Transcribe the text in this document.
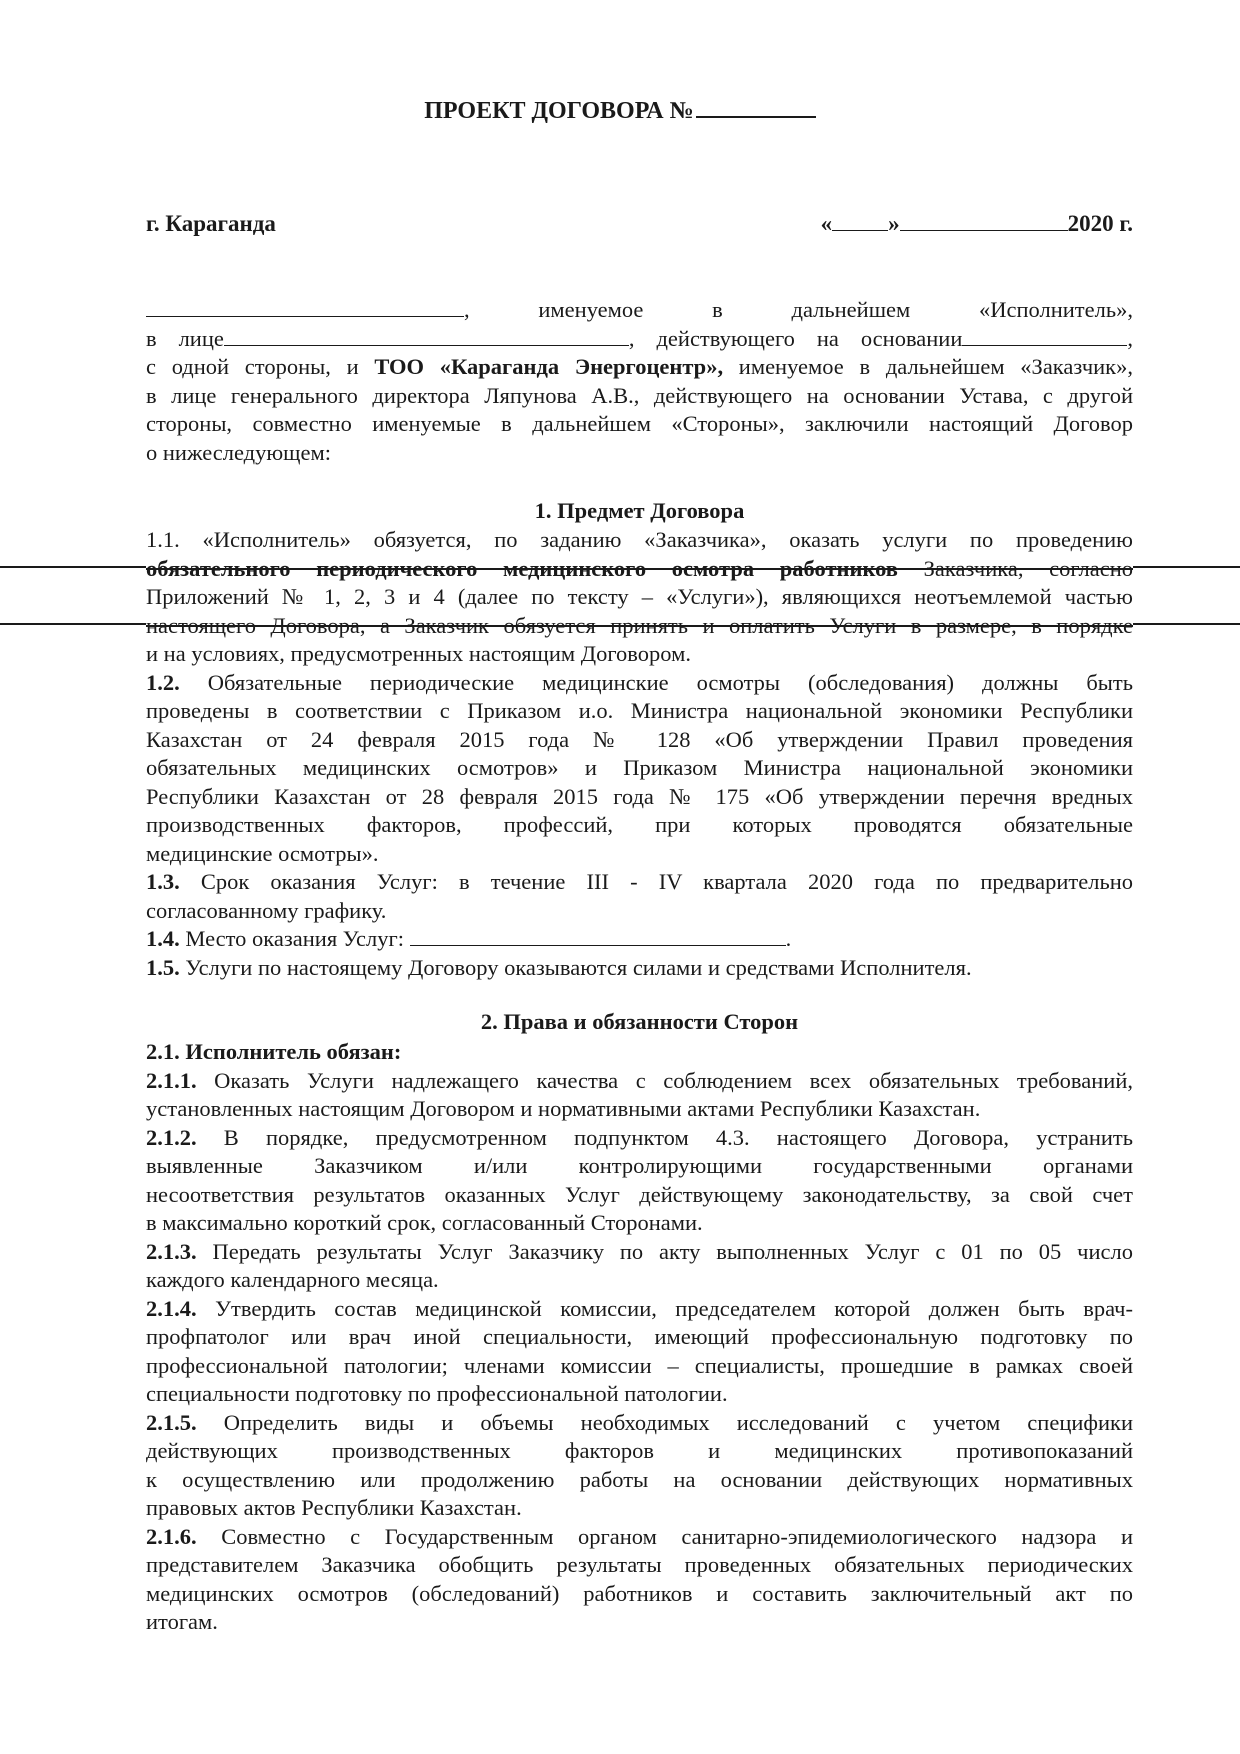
ПРОЕКТ ДОГОВОРА №
г. Караганда	« »	2020 г.

, именуемое в дальнейшем «Исполнитель»,

в лице	, действующего на основании	,

с одной стороны, и ТОО «Караганда Энергоцентр», именуемое в дальнейшем «Заказчик»,

в лице генерального директора Ляпунова А.В., действующего на основании Устава, с другой

стороны, совместно именуемые в дальнейшем «Стороны», заключили настоящий Договор

о нижеследующем:

1. Предмет Договора

1.1. «Исполнитель» обязуется, по заданию «Заказчика», оказать услуги по проведению

обязательного периодического медицинского осмотра работников Заказчика, согласно

Приложений № 1, 2, 3 и 4 (далее по тексту – «Услуги»), являющихся неотъемлемой частью

настоящего Договора, а Заказчик обязуется принять и оплатить Услуги в размере, в порядке

и на условиях, предусмотренных настоящим Договором.

1.2. Обязательные периодические медицинские осмотры (обследования) должны быть

проведены в соответствии с Приказом и.о. Министра национальной экономики Республики

Казахстан от 24 февраля 2015 года № 128 «Об утверждении Правил проведения

обязательных медицинских осмотров» и Приказом Министра национальной экономики

Республики Казахстан от 28 февраля 2015 года № 175 «Об утверждении перечня вредных

производственных факторов, профессий, при которых проводятся обязательные

медицинские осмотры».

1.3. Срок оказания Услуг: в течение III - IV квартала 2020 года по предварительно

согласованному графику.

1.4. Место оказания Услуг:	.

1.5. Услуги по настоящему Договору оказываются силами и средствами Исполнителя.

2. Права и обязанности Сторон

2.1. Исполнитель обязан:

2.1.1. Оказать Услуги надлежащего качества с соблюдением всех обязательных требований,

установленных настоящим Договором и нормативными актами Республики Казахстан.

2.1.2. В порядке, предусмотренном подпунктом 4.3. настоящего Договора, устранить

выявленные Заказчиком и/или контролирующими государственными органами

несоответствия результатов оказанных Услуг действующему законодательству, за свой счет

в максимально короткий срок, согласованный Сторонами.

2.1.3. Передать результаты Услуг Заказчику по акту выполненных Услуг с 01 по 05 число

каждого календарного месяца.

2.1.4. Утвердить состав медицинской комиссии, председателем которой должен быть врач-

профпатолог или врач иной специальности, имеющий профессиональную подготовку по

профессиональной патологии; членами комиссии – специалисты, прошедшие в рамках своей

специальности подготовку по профессиональной патологии.

2.1.5. Определить виды и объемы необходимых исследований с учетом специфики

действующих производственных факторов и медицинских противопоказаний

к осуществлению или продолжению работы на основании действующих нормативных

правовых актов Республики Казахстан.

2.1.6. Совместно с Государственным органом санитарно-эпидемиологического надзора и

представителем Заказчика обобщить результаты проведенных обязательных периодических

медицинских осмотров (обследований) работников и составить заключительный акт по

итогам.
